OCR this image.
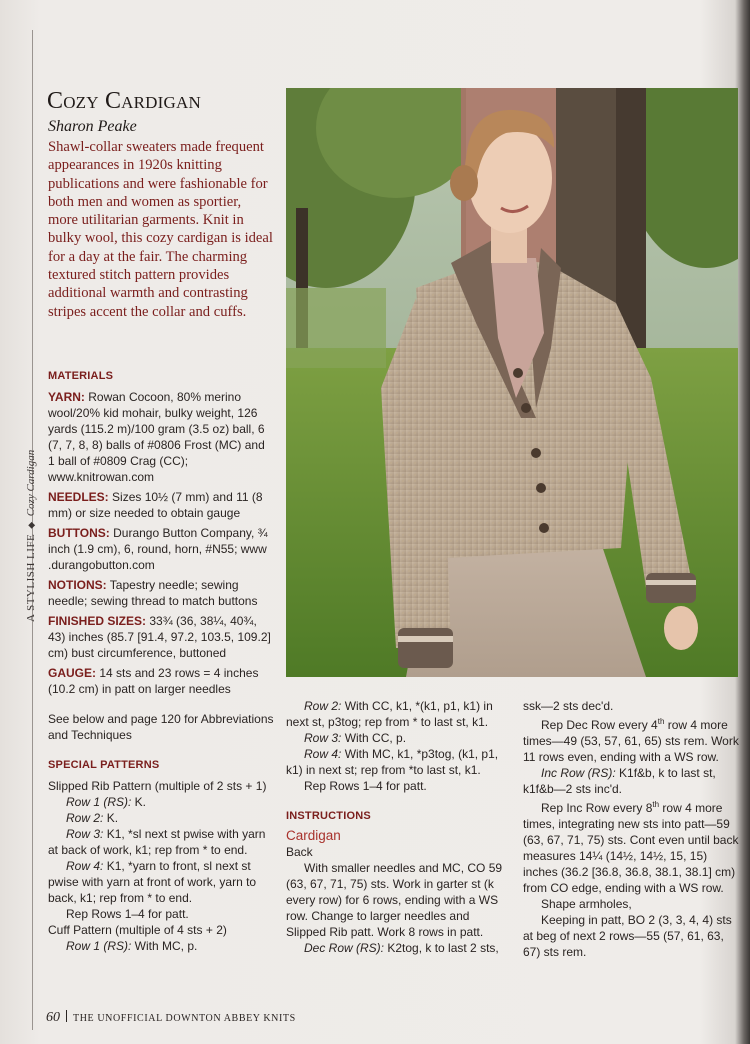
A STYLISH LIFE◆Cozy Cardigan
Cozy Cardigan
Sharon Peake
Shawl-collar sweaters made frequent appearances in 1920s knitting publications and were fashionable for both men and women as sportier, more utilitarian garments. Knit in bulky wool, this cozy cardigan is ideal for a day at the fair. The charming textured stitch pattern provides additional warmth and contrasting stripes accent the collar and cuffs.

MATERIALS

YARN: Rowan Cocoon, 80% merino wool/20% kid mohair, bulky weight, 126 yards (115.2 m)/100 gram (3.5 oz) ball, 6 (7, 7, 8, 8) balls of #0806 Frost (MC) and 1 ball of #0809 Crag (CC); www.knitrowan.com

NEEDLES: Sizes 10½ (7 mm) and 11 (8 mm) or size needed to obtain gauge

BUTTONS: Durango Button Company, ¾ inch (1.9 cm), 6, round, horn, #N55; www .durangobutton.com

NOTIONS: Tapestry needle; sewing needle; sewing thread to match buttons

FINISHED SIZES: 33¾ (36, 38¼, 40¾, 43) inches (85.7 [91.4, 97.2, 103.5, 109.2] cm) bust circumference, buttoned

GAUGE: 14 sts and 23 rows = 4 inches (10.2 cm) in patt on larger needles

See below and page 120 for Abbreviations and Techniques

SPECIAL PATTERNS

Slipped Rib Pattern (multiple of 2 sts + 1)

Row 1 (RS): K.

Row 2: K.

Row 3: K1, *sl next st pwise with yarn at back of work, k1; rep from * to end.

Row 4: K1, *yarn to front, sl next st pwise with yarn at front of work, yarn to back, k1; rep from * to end.

Rep Rows 1–4 for patt.

Cuff Pattern (multiple of 4 sts + 2)

Row 1 (RS): With MC, p.

Row 2: With CC, k1, *(k1, p1, k1) in next st, p3tog; rep from * to last st, k1.

Row 3: With CC, p.

Row 4: With MC, k1, *p3tog, (k1, p1, k1) in next st; rep from *to last st, k1.

Rep Rows 1–4 for patt.

INSTRUCTIONS

Cardigan

Back

With smaller needles and MC, CO 59 (63, 67, 71, 75) sts. Work in garter st (k every row) for 6 rows, ending with a WS row. Change to larger needles and Slipped Rib patt. Work 8 rows in patt.

Dec Row (RS): K2tog, k to last 2 sts,

ssk—2 sts dec'd.

Rep Dec Row every 4th row 4 more times—49 (53, 57, 61, 65) sts rem. Work 11 rows even, ending with a WS row.

Inc Row (RS): K1f&b, k to last st, k1f&b—2 sts inc'd.

Rep Inc Row every 8th row 4 more times, integrating new sts into patt—59 (63, 67, 71, 75) sts. Cont even until back measures 14¼ (14½, 14½, 15, 15) inches (36.2 [36.8, 36.8, 38.1, 38.1] cm) from CO edge, ending with a WS row.

Shape armholes,

Keeping in patt, BO 2 (3, 3, 4, 4) sts at beg of next 2 rows—55 (57, 61, 63, 67) sts rem.

60 THE UNOFFICIAL DOWNTON ABBEY KNITS
